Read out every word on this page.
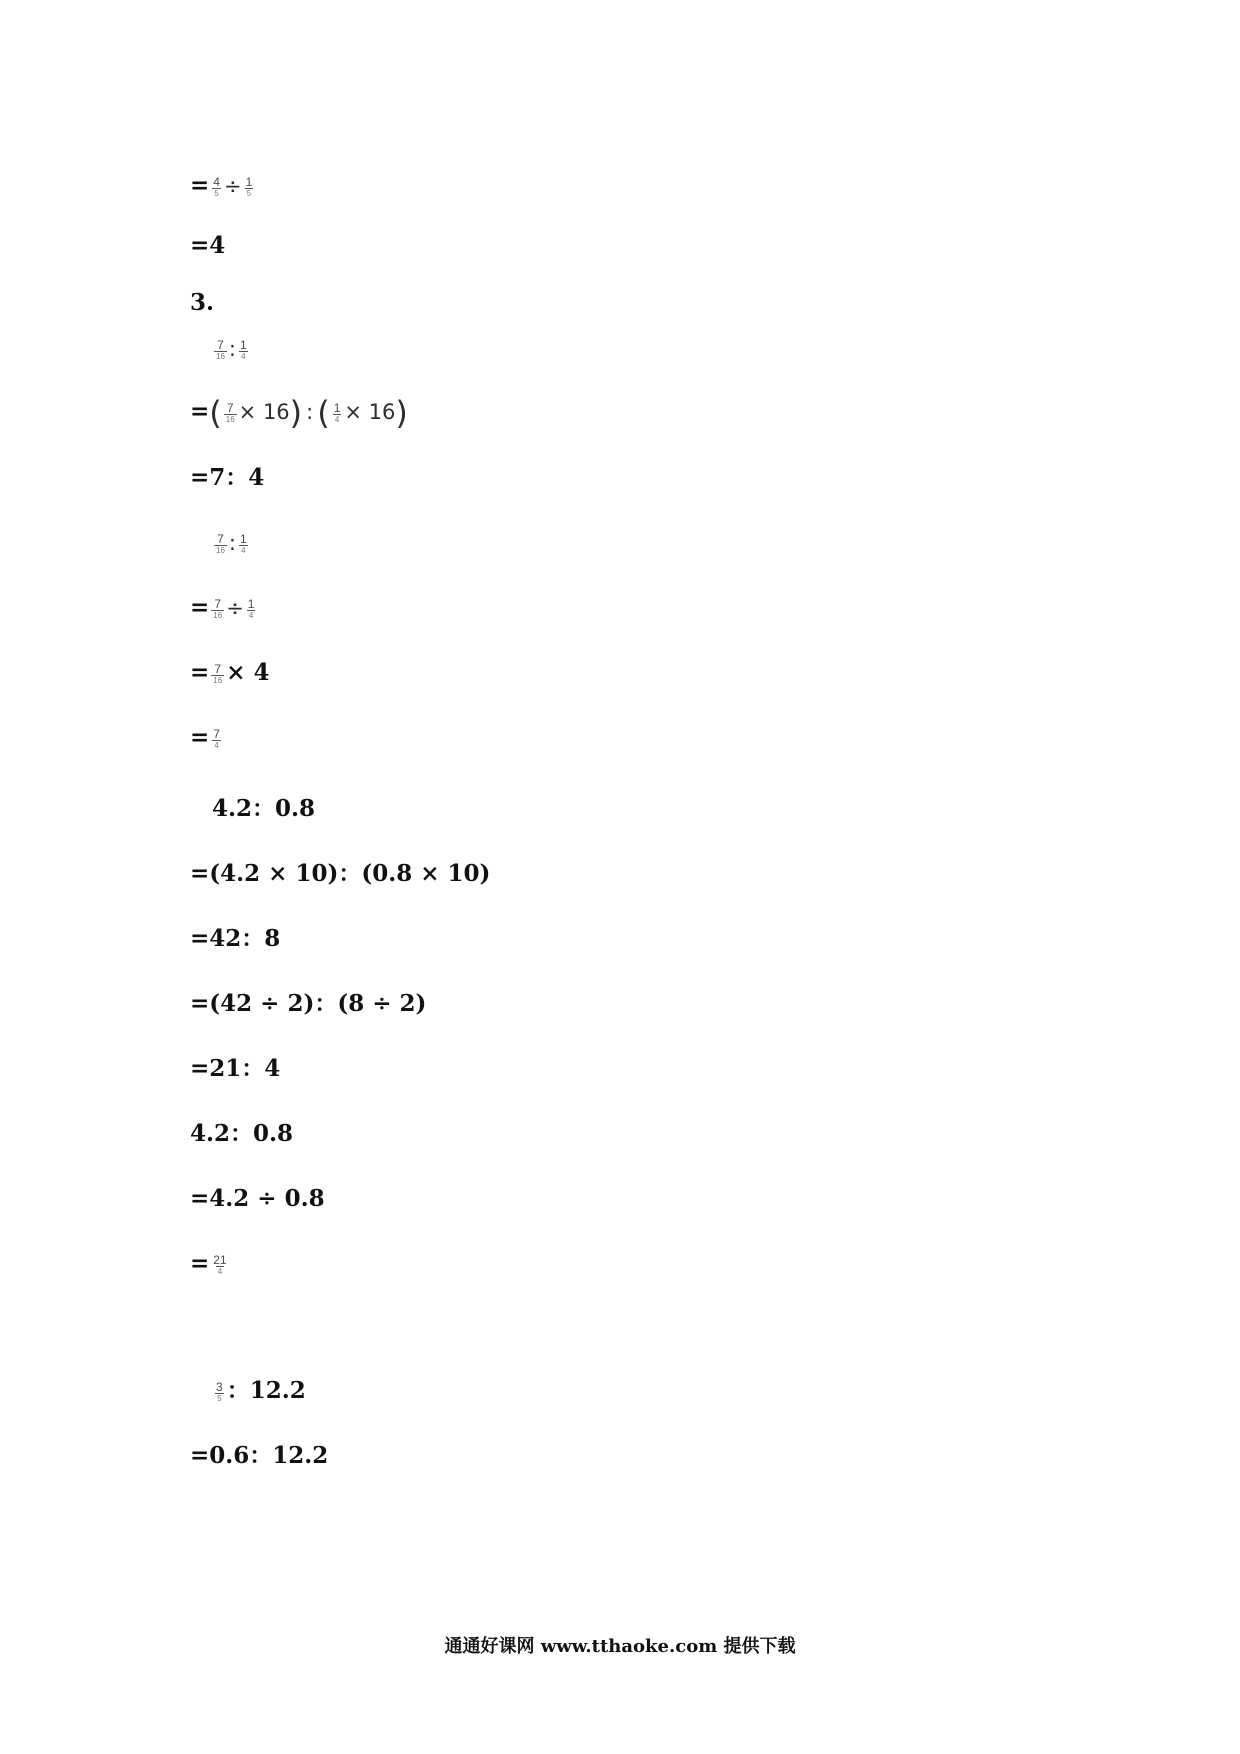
= $\frac{4}{5} \div \frac{1}{5}$
=4
3.
$\frac{7}{16}$ : $\frac{1}{4}$
=( $\frac{7}{16} \times 16$) : ( $\frac{1}{4} \times 16$)
=7：4
$\frac{7}{16}$ : $\frac{1}{4}$
= $\frac{7}{16} \div \frac{1}{4}$
= $\frac{7}{16} \times 4$
= $\frac{7}{4}$
4.2：0.8
=(4.2 × 10)：(0.8 × 10)
=42：8
=(42 ÷ 2)：(8 ÷ 2)
=21：4
4.2：0.8
=4.2 ÷ 0.8
= $\frac{21}{4}$
$\frac{3}{5}$ ：12.2
=0.6：12.2
通通好课网 www.tthaoke.com 提供下载
